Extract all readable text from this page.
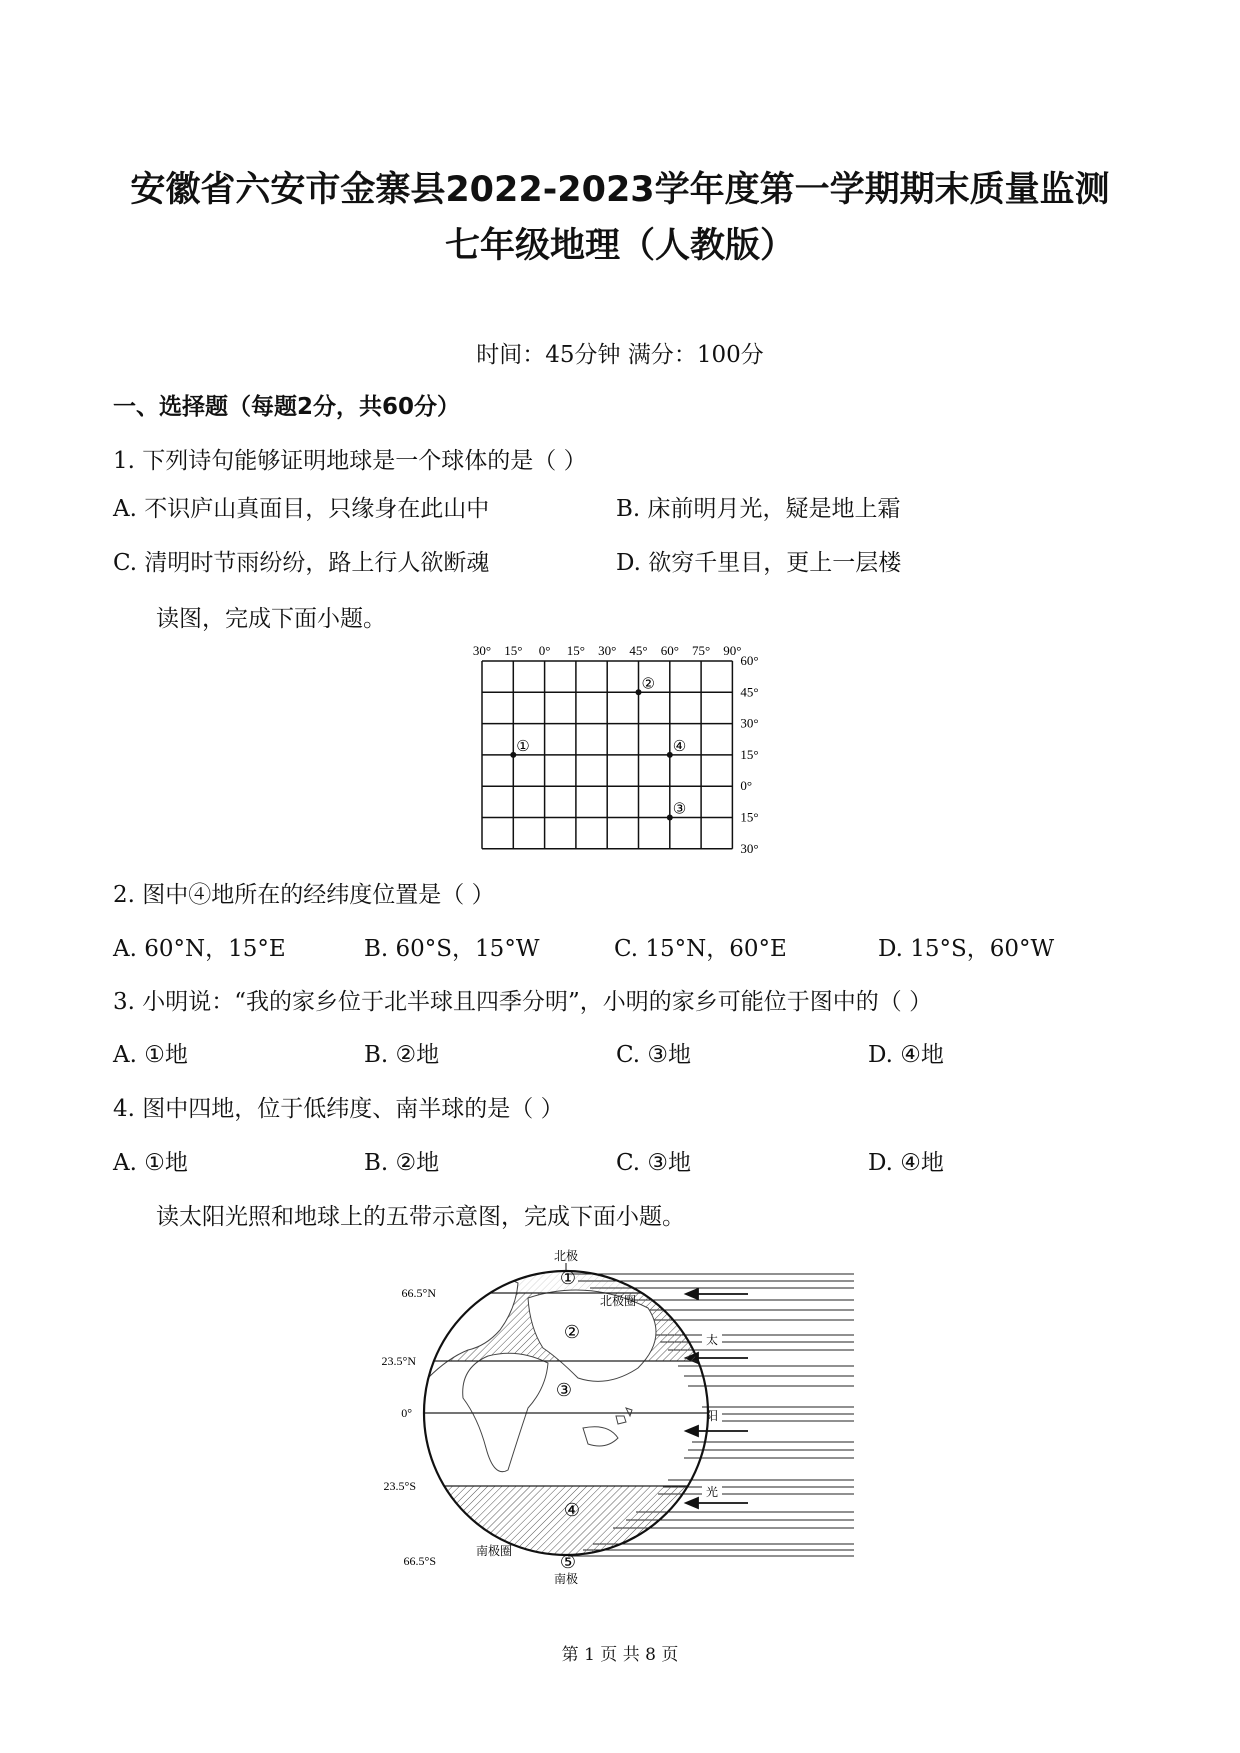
安徽省六安市金寨县2022-2023学年度第一学期期末质量监测
七年级地理（人教版）
时间：45分钟 满分：100分
一、选择题（每题2分，共60分）
1. 下列诗句能够证明地球是一个球体的是（ ）
A. 不识庐山真面目，只缘身在此山中	B. 床前明月光，疑是地上霜
C. 清明时节雨纷纷，路上行人欲断魂	D. 欲穷千里目，更上一层楼
读图，完成下面小题。
30° 15° 0° 15° 30° 45° 60° 75° 90°
60°
45°
30°
15°
0°
15°
30°
①
②
③
④
2. 图中④地所在的经纬度位置是（ ）
A. 60°N，15°E	B. 60°S，15°W	C. 15°N，60°E	D. 15°S，60°W
3. 小明说：“我的家乡位于北半球且四季分明”，小明的家乡可能位于图中的（ ）
A. ①地	B. ②地	C. ③地	D. ④地
4. 图中四地，位于低纬度、南半球的是（ ）
A. ①地	B. ②地	C. ③地	D. ④地
读太阳光照和地球上的五带示意图，完成下面小题。
太
阳
光
北极
南极
北极圈
南极圈
66.5°N
23.5°N
0°
23.5°S
66.5°S
①
②
③
④
⑤
第 1 页 共 8 页
